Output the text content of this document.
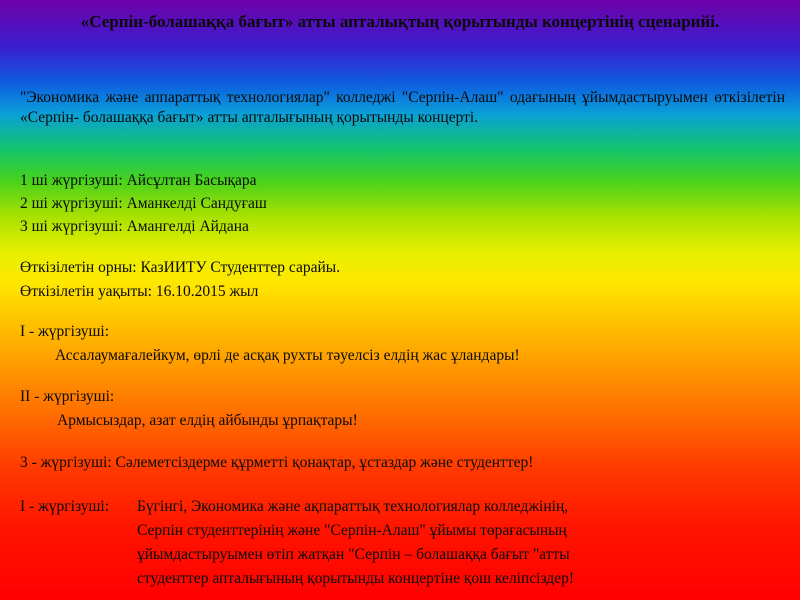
«Серпін-болашаққа бағыт» атты апталықтың қорытынды концертінің сценарийі.
"Экономика және аппараттық технологиялар" колледжі "Серпін-Алаш" одағының ұйымдастыруымен өткізілетін «Серпін- болашаққа бағыт» атты апталығының қорытынды концерті.
1 ші жүргізуші: Айсұлтан Басықара
2 ші жүргізуші: Аманкелді Сандуғаш
3 ші жүргізуші: Амангелді Айдана
Өткізілетін орны: КазИИТУ Студенттер сарайы.
Өткізілетін уақыты: 16.10.2015 жыл
І - жүргізуші:
Ассалаумағалейкум, өрлі де асқақ рухты тәуелсіз елдің жас ұландары!
ІІ - жүргізуші:
Армысыздар, азат елдің айбынды ұрпақтары!
3 - жүргізуші: Сәлеметсіздерме құрметті қонақтар, ұстаздар және студенттер!
І - жүргізуші:	Бүгінгі, Экономика және ақпараттық технологиялар колледжінің,
Серпін студенттерінің және "Серпін-Алаш" ұйымы төрағасының
ұйымдастыруымен өтіп жатқан "Серпін – болашаққа бағыт "атты
студенттер апталығының қорытынды концертіне қош келіпсіздер!
